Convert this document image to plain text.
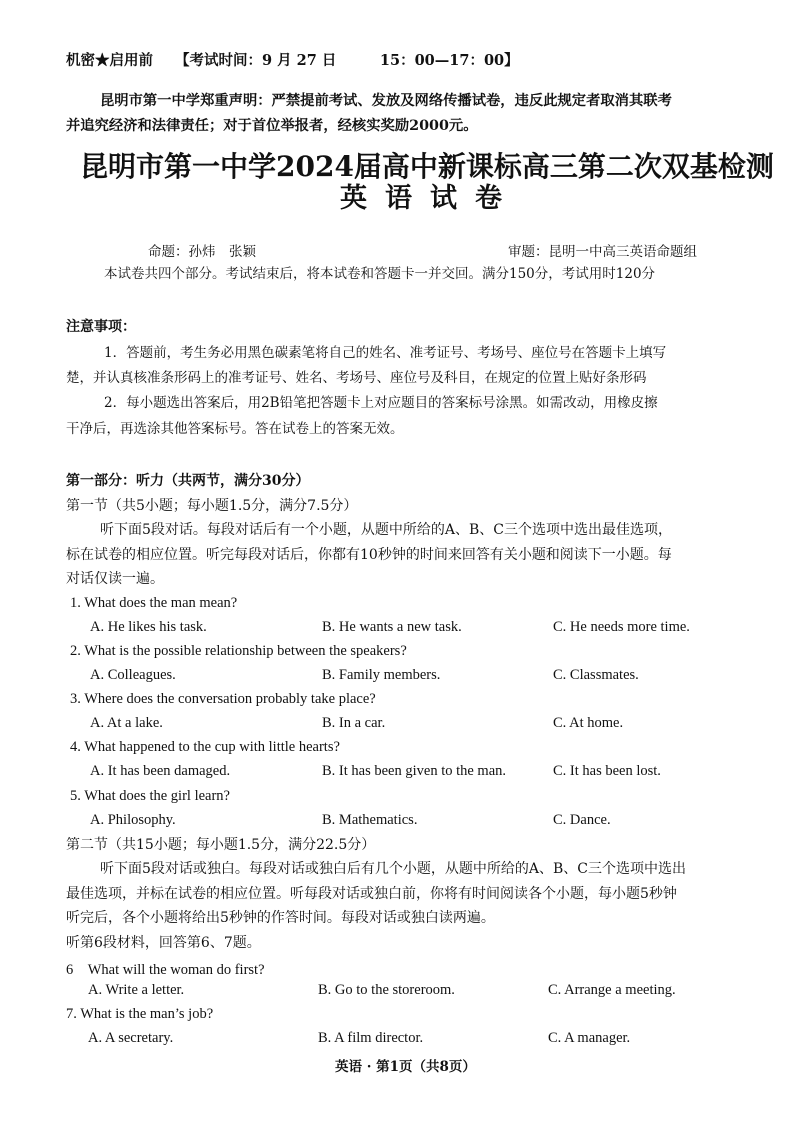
机密★启用前 【考试时间：9 月 27 日　　　15：00—17：00】
昆明市第一中学郑重声明：严禁提前考试、发放及网络传播试卷，违反此规定者取消其联考
并追究经济和法律责任；对于首位举报者，经核实奖励2000元。
昆明市第一中学2024届高中新课标高三第二次双基检测
英语试卷
命题：孙炜　张颖	审题：昆明一中高三英语命题组
本试卷共四个部分。考试结束后，将本试卷和答题卡一并交回。满分150分，考试用时120分
注意事项：
1．答题前，考生务必用黑色碳素笔将自己的姓名、准考证号、考场号、座位号在答题卡上填写
楚，并认真核准条形码上的准考证号、姓名、考场号、座位号及科目，在规定的位置上贴好条形码
2．每小题选出答案后，用2B铅笔把答题卡上对应题目的答案标号涂黑。如需改动，用橡皮擦
干净后，再选涂其他答案标号。答在试卷上的答案无效。
第一部分：听力（共两节，满分30分）
第一节（共5小题；每小题1.5分，满分7.5分）
听下面5段对话。每段对话后有一个小题，从题中所给的A、B、C三个选项中选出最佳选项，
标在试卷的相应位置。听完每段对话后，你都有10秒钟的时间来回答有关小题和阅读下一小题。每
对话仅读一遍。
1. What does the man mean?
A. He likes his task.	B. He wants a new task.	C. He needs more time.
2. What is the possible relationship between the speakers?
A. Colleagues.	B. Family members.	C. Classmates.
3. Where does the conversation probably take place?
A. At a lake.	B. In a car.	C. At home.
4. What happened to the cup with little hearts?
A. It has been damaged.	B. It has been given to the man.	C. It has been lost.
5. What does the girl learn?
A. Philosophy.	B. Mathematics.	C. Dance.
第二节（共15小题；每小题1.5分，满分22.5分）
听下面5段对话或独白。每段对话或独白后有几个小题，从题中所给的A、B、C三个选项中选出
最佳选项，并标在试卷的相应位置。听每段对话或独白前，你将有时间阅读各个小题，每小题5秒钟
听完后，各个小题将给出5秒钟的作答时间。每段对话或独白读两遍。
听第6段材料，回答第6、7题。
6　What will the woman do first?
A. Write a letter.	B. Go to the storeroom.	C. Arrange a meeting.
7. What is the man’s job?
A. A secretary.	B. A film director.	C. A manager.
英语 · 第1页（共8页）
